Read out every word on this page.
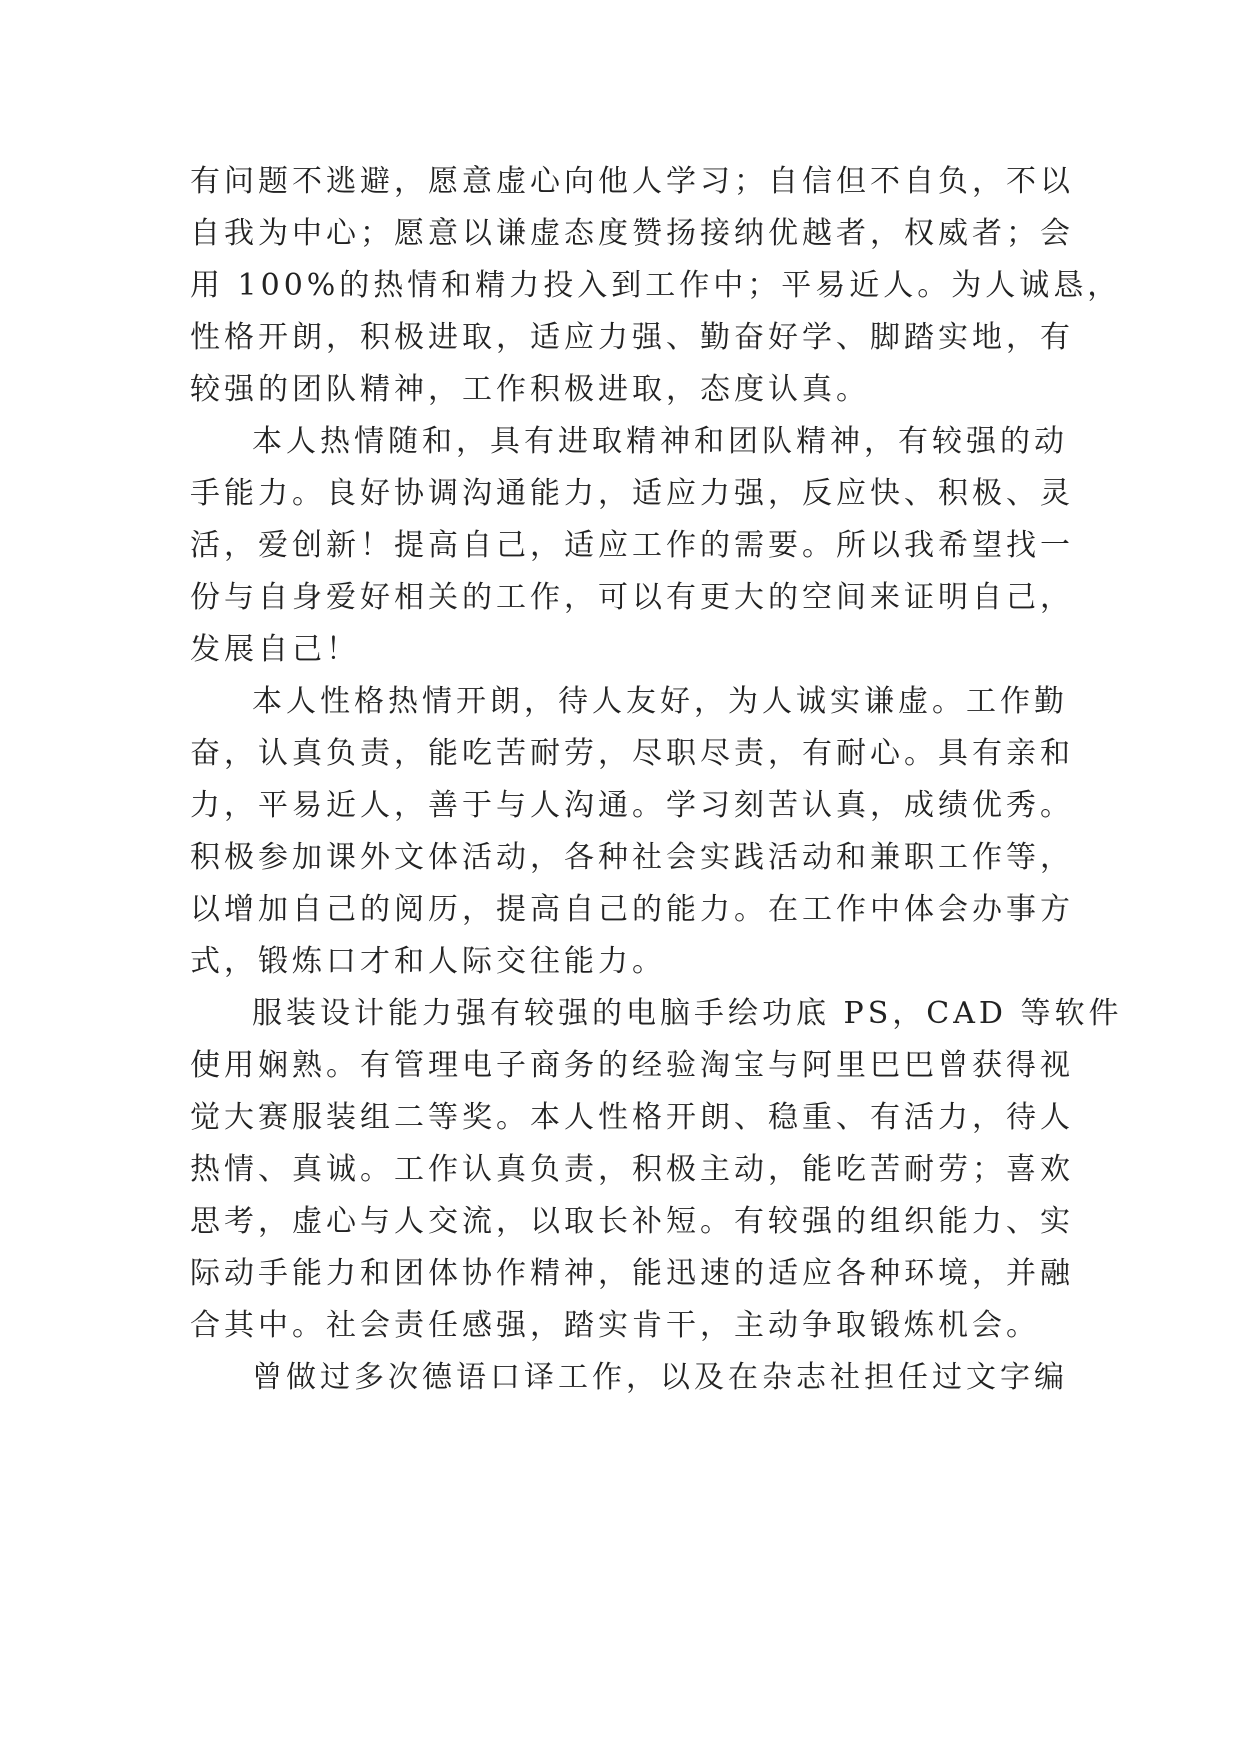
有问题不逃避，愿意虚心向他人学习；自信但不自负，不以
自我为中心；愿意以谦虚态度赞扬接纳优越者，权威者；会
用 100%的热情和精力投入到工作中；平易近人。为人诚恳，
性格开朗，积极进取，适应力强、勤奋好学、脚踏实地，有
较强的团队精神，工作积极进取，态度认真。
本人热情随和，具有进取精神和团队精神，有较强的动
手能力。良好协调沟通能力，适应力强，反应快、积极、灵
活，爱创新！提高自己，适应工作的需要。所以我希望找一
份与自身爱好相关的工作，可以有更大的空间来证明自己，
发展自己！
本人性格热情开朗，待人友好，为人诚实谦虚。工作勤
奋，认真负责，能吃苦耐劳，尽职尽责，有耐心。具有亲和
力，平易近人，善于与人沟通。学习刻苦认真，成绩优秀。
积极参加课外文体活动，各种社会实践活动和兼职工作等，
以增加自己的阅历，提高自己的能力。在工作中体会办事方
式，锻炼口才和人际交往能力。
服装设计能力强有较强的电脑手绘功底 PS，CAD 等软件
使用娴熟。有管理电子商务的经验淘宝与阿里巴巴曾获得视
觉大赛服装组二等奖。本人性格开朗、稳重、有活力，待人
热情、真诚。工作认真负责，积极主动，能吃苦耐劳；喜欢
思考，虚心与人交流，以取长补短。有较强的组织能力、实
际动手能力和团体协作精神，能迅速的适应各种环境，并融
合其中。社会责任感强，踏实肯干，主动争取锻炼机会。
曾做过多次德语口译工作，以及在杂志社担任过文字编
